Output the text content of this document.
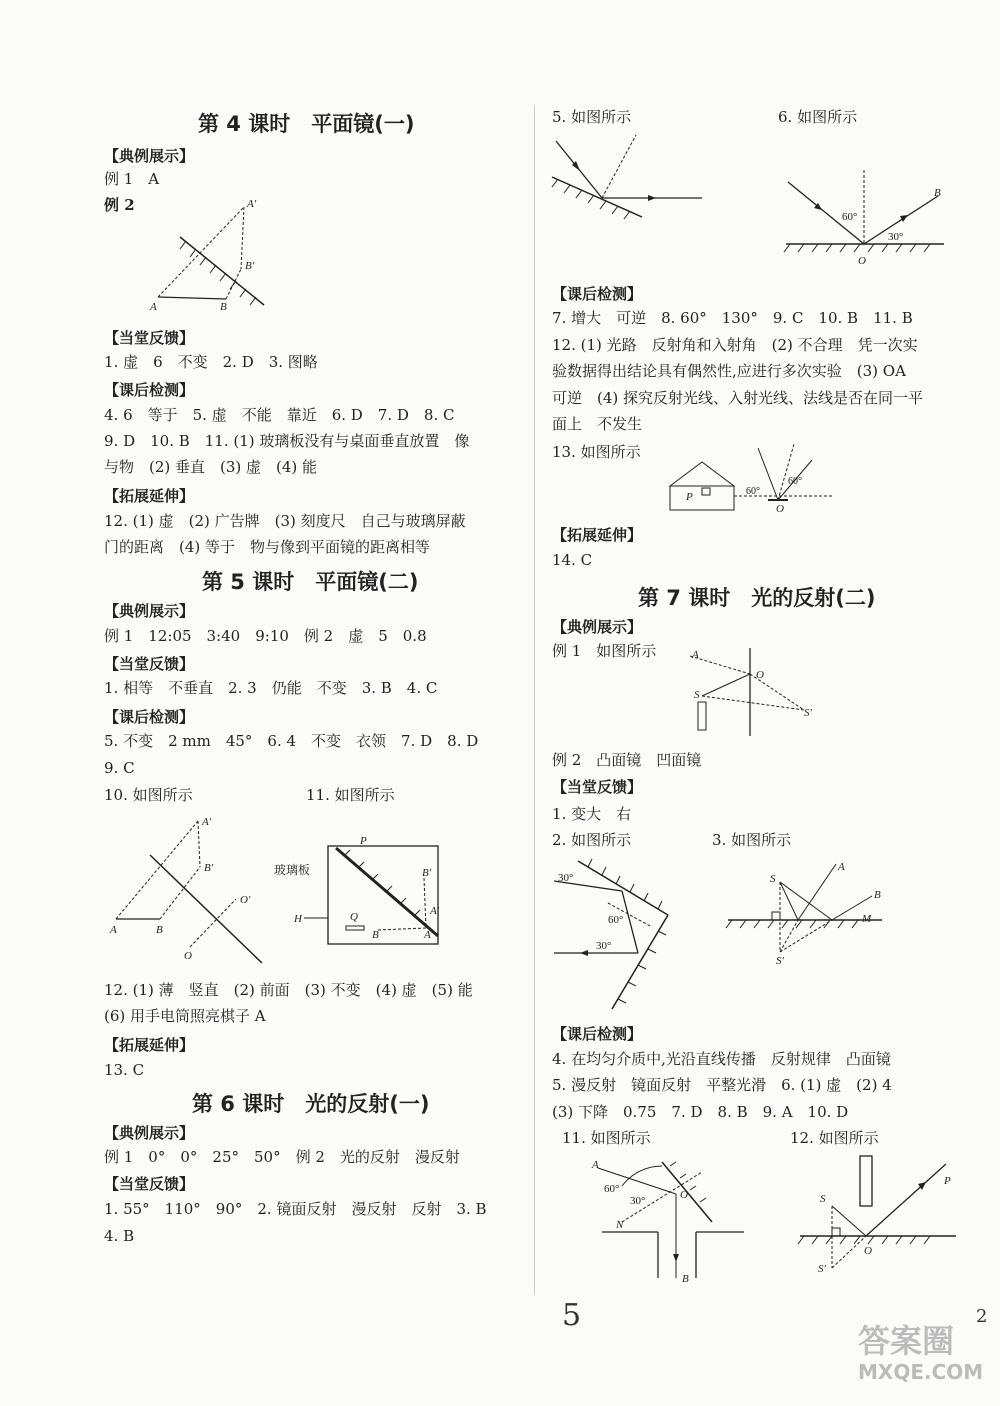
第 4 课时　平面镜(一)
【典例展示】
例 1　A
例 2	A′
B′
A	B
【当堂反馈】
1. 虚　6　不变　2. D　3. 图略
【课后检测】
4. 6　等于　5. 虚　不能　靠近　6. D　7. D　8. C
9. D　10. B　11. (1) 玻璃板没有与桌面垂直放置　像
与物　(2) 垂直　(3) 虚　(4) 能
【拓展延伸】
12. (1) 虚　(2) 广告牌　(3) 刻度尺　自己与玻璃屏蔽
门的距离　(4) 等于　物与像到平面镜的距离相等
第 5 课时　平面镜(二)
【典例展示】
例 1　12:05　3:40　9:10　例 2　虚　5　0.8
【当堂反馈】
1. 相等　不垂直　2. 3　仍能　不变　3. B　4. C
【课后检测】
5. 不变　2 mm　45°　6. 4　不变　衣领　7. D　8. D
9. C
10. 如图所示	11. 如图所示
A′
B′
O′
A	B
O
玻璃板
P
B′
A′
H	Q
B	A
12. (1) 薄　竖直　(2) 前面　(3) 不变　(4) 虚　(5) 能
(6) 用手电筒照亮棋子 A
【拓展延伸】
13. C
第 6 课时　光的反射(一)
【典例展示】
例 1　0°　0°　25°　50°　例 2　光的反射　漫反射
【当堂反馈】
1. 55°　110°　90°　2. 镜面反射　漫反射　反射　3. B
4. B
5. 如图所示	6. 如图所示
60°
30°
B
O
【课后检测】
7. 增大　可逆　8. 60°　130°　9. C　10. B　11. B
12. (1) 光路　反射角和入射角　(2) 不合理　凭一次实
验数据得出结论具有偶然性,应进行多次实验　(3) OA
可逆　(4) 探究反射光线、入射光线、法线是否在同一平
面上　不发生
13. 如图所示
P	60°
60°
O
【拓展延伸】
14. C
第 7 课时　光的反射(二)
【典例展示】
例 1　如图所示	A
O
S
S′
例 2　凸面镜　凹面镜
【当堂反馈】
1. 变大　右
2. 如图所示	3. 如图所示
30°
60°
30°
S
A
B
M
S′
【课后检测】
4. 在均匀介质中,光沿直线传播　反射规律　凸面镜
5. 漫反射　镜面反射　平整光滑　6. (1) 虚　(2) 4
(3) 下降　0.75　7. D　8. B　9. A　10. D
11. 如图所示	12. 如图所示
A
60°
30°	O
N
B
S
P
O
S′
5	2
答案圈
MXQE.COM
